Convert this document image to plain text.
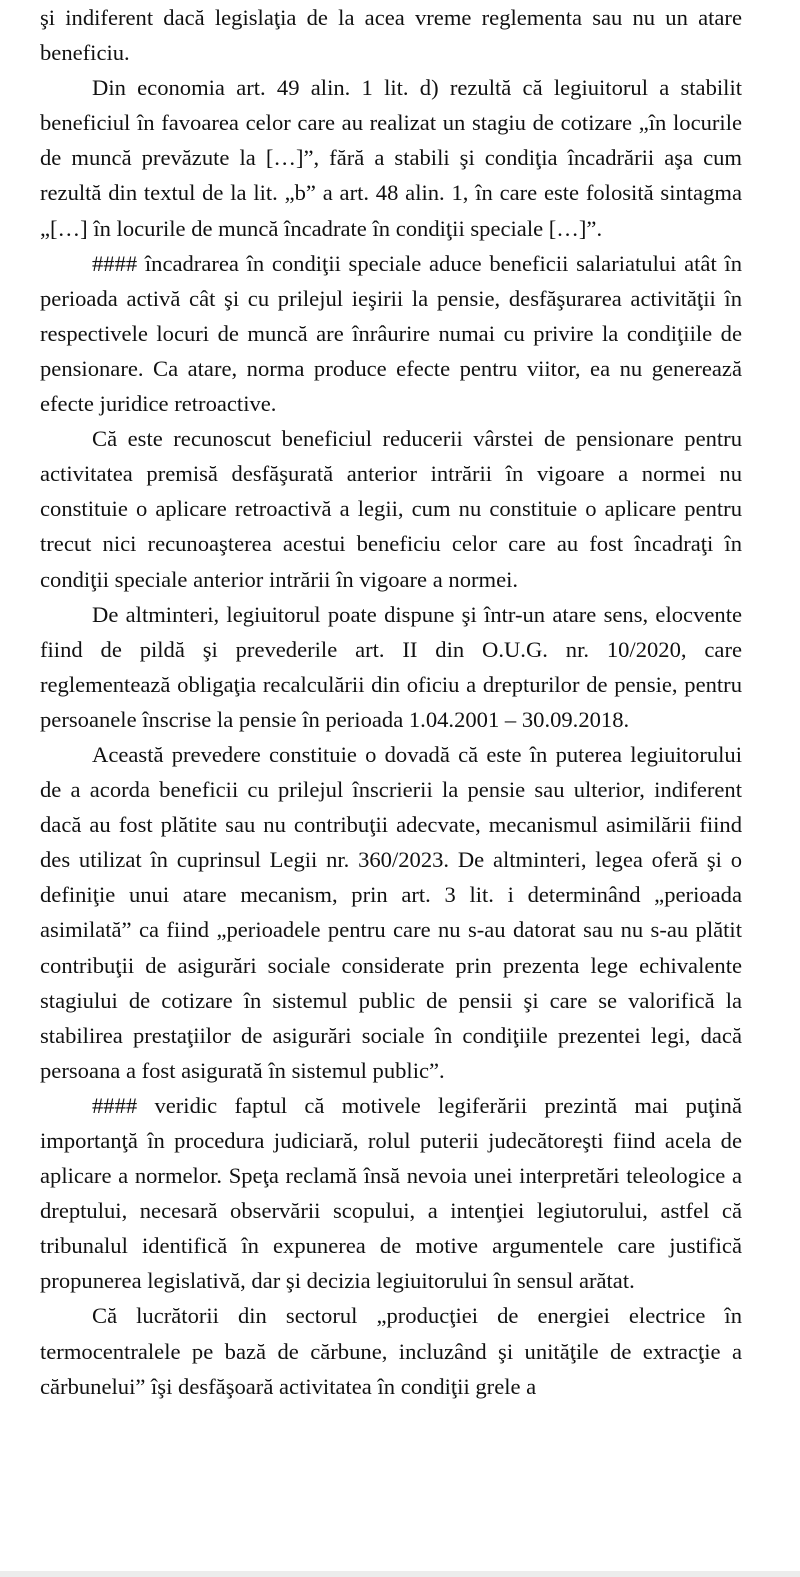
şi indiferent dacă legislaţia de la acea vreme reglementa sau nu un atare beneficiu.

Din economia art. 49 alin. 1 lit. d) rezultă că legiuitorul a stabilit beneficiul în favoarea celor care au realizat un stagiu de cotizare „în locurile de muncă prevăzute la […]”, fără a stabili şi condiţia încadrării aşa cum rezultă din textul de la lit. „b” a art. 48 alin. 1, în care este folosită sintagma „[…] în locurile de muncă încadrate în condiţii speciale […]”.

#### încadrarea în condiţii speciale aduce beneficii salariatului atât în perioada activă cât şi cu prilejul ieşirii la pensie, desfăşurarea activităţii în respectivele locuri de muncă are înrâurire numai cu privire la condiţiile de pensionare. Ca atare, norma produce efecte pentru viitor, ea nu generează efecte juridice retroactive.

Că este recunoscut beneficiul reducerii vârstei de pensionare pentru activitatea premisă desfăşurată anterior intrării în vigoare a normei nu constituie o aplicare retroactivă a legii, cum nu constituie o aplicare pentru trecut nici recunoaşterea acestui beneficiu celor care au fost încadraţi în condiţii speciale anterior intrării în vigoare a normei.

De altminteri, legiuitorul poate dispune şi într-un atare sens, elocvente fiind de pildă şi prevederile art. II din O.U.G. nr. 10/2020, care reglementează obligaţia recalculării din oficiu a drepturilor de pensie, pentru persoanele înscrise la pensie în perioada 1.04.2001 – 30.09.2018.

Această prevedere constituie o dovadă că este în puterea legiuitorului de a acorda beneficii cu prilejul înscrierii la pensie sau ulterior, indiferent dacă au fost plătite sau nu contribuţii adecvate, mecanismul asimilării fiind des utilizat în cuprinsul Legii nr. 360/2023. De altminteri, legea oferă şi o definiţie unui atare mecanism, prin art. 3 lit. i determinând „perioada asimilată” ca fiind „perioadele pentru care nu s-au datorat sau nu s-au plătit contribuţii de asigurări sociale considerate prin prezenta lege echivalente stagiului de cotizare în sistemul public de pensii şi care se valorifică la stabilirea prestaţiilor de asigurări sociale în condiţiile prezentei legi, dacă persoana a fost asigurată în sistemul public”.

#### veridic faptul că motivele legiferării prezintă mai puţină importanţă în procedura judiciară, rolul puterii judecătoreşti fiind acela de aplicare a normelor. Speţa reclamă însă nevoia unei interpretări teleologice a dreptului, necesară observării scopului, a intenţiei legiutorului, astfel că tribunalul identifică în expunerea de motive argumentele care justifică propunerea legislativă, dar şi decizia legiuitorului în sensul arătat.

Că lucrătorii din sectorul „producţiei de energiei electrice în termocentralele pe bază de cărbune, incluzând şi unităţile de extracţie a cărbunelui” îşi desfăşoară activitatea în condiţii grele a
